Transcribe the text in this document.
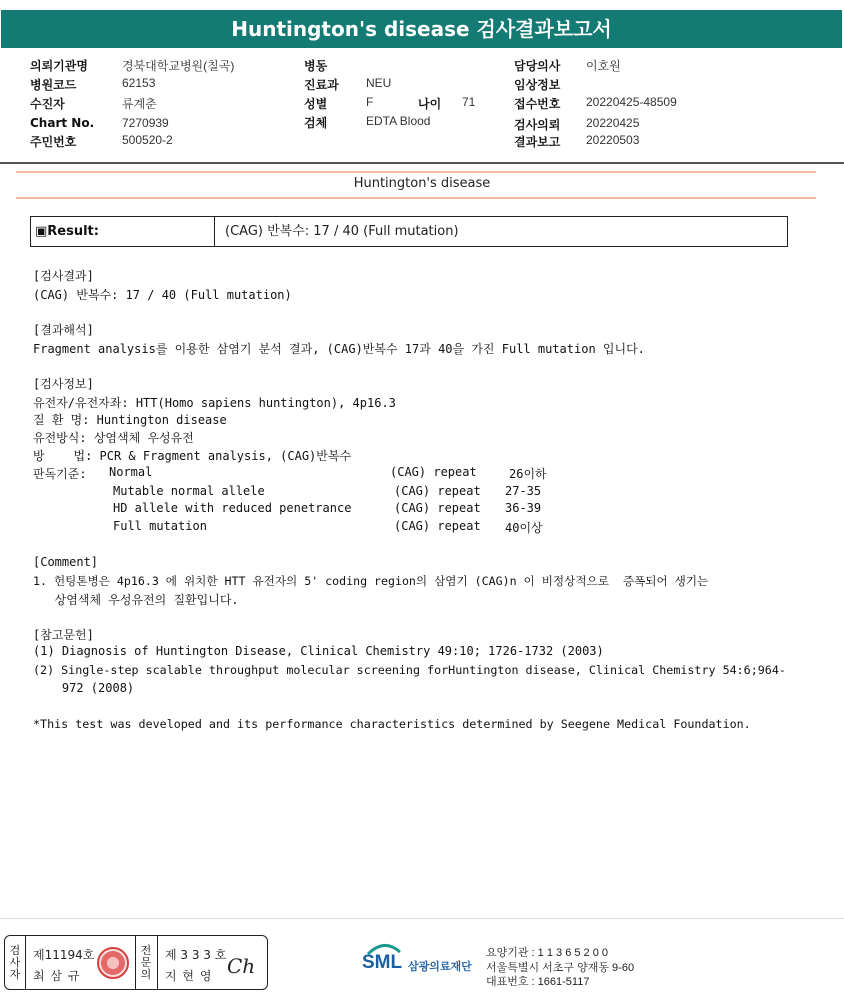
Huntington's disease 검사결과보고서
의뢰기관명	경북대학교병원(칠곡)
병원코드	62153
수진자	류계춘
Chart No. 7270939
주민번호	500520-2
병동
진료과 NEU
성별	F	나이 71
검체	EDTA Blood
담당의사 이호원
임상정보
접수번호 20220425-48509
검사의뢰 20220425
결과보고 20220503
Huntington's disease
▣Result:	(CAG) 반복수: 17 / 40 (Full mutation)
[검사결과]
(CAG) 반복수: 17 / 40 (Full mutation)
[결과해석]
Fragment analysis를 이용한 삼염기 분석 결과, (CAG)반복수 17과 40을 가진 Full mutation 입니다.
[검사정보]
유전자/유전자좌: HTT(Homo sapiens huntington), 4p16.3
질 환 명: Huntington disease
유전방식: 상염색체 우성유전
방    법: PCR & Fragment analysis, (CAG)반복수
판독기준: Normal	(CAG) repeat	26이하
Mutable normal allele	(CAG) repeat 27-35
HD allele with reduced penetrance	(CAG) repeat 36-39
Full mutation	(CAG) repeat 40이상
[Comment]
1. 헌팅톤병은 4p16.3 에 위치한 HTT 유전자의 5' coding region의 삼염기 (CAG)n 이 비정상적으로  증폭되어 생기는
상염색체 우성유전의 질환입니다.
[참고문헌]
(1) Diagnosis of Huntington Disease, Clinical Chemistry 49:10; 1726-1732 (2003)
(2) Single-step scalable throughput molecular screening forHuntington disease, Clinical Chemistry 54:6;964-
972 (2008)
*This test was developed and its performance characteristics determined by Seegene Medical Foundation.
검
사
자
제11194호
최 삼 규
전
문
의
제 3 3 3 호
지 현 영 Ch	SML 삼광의료재단
요양기관 : 1 1 3 6 5 2 0 0
서울특별시 서초구 양재동 9-60
대표번호 : 1661-5117
